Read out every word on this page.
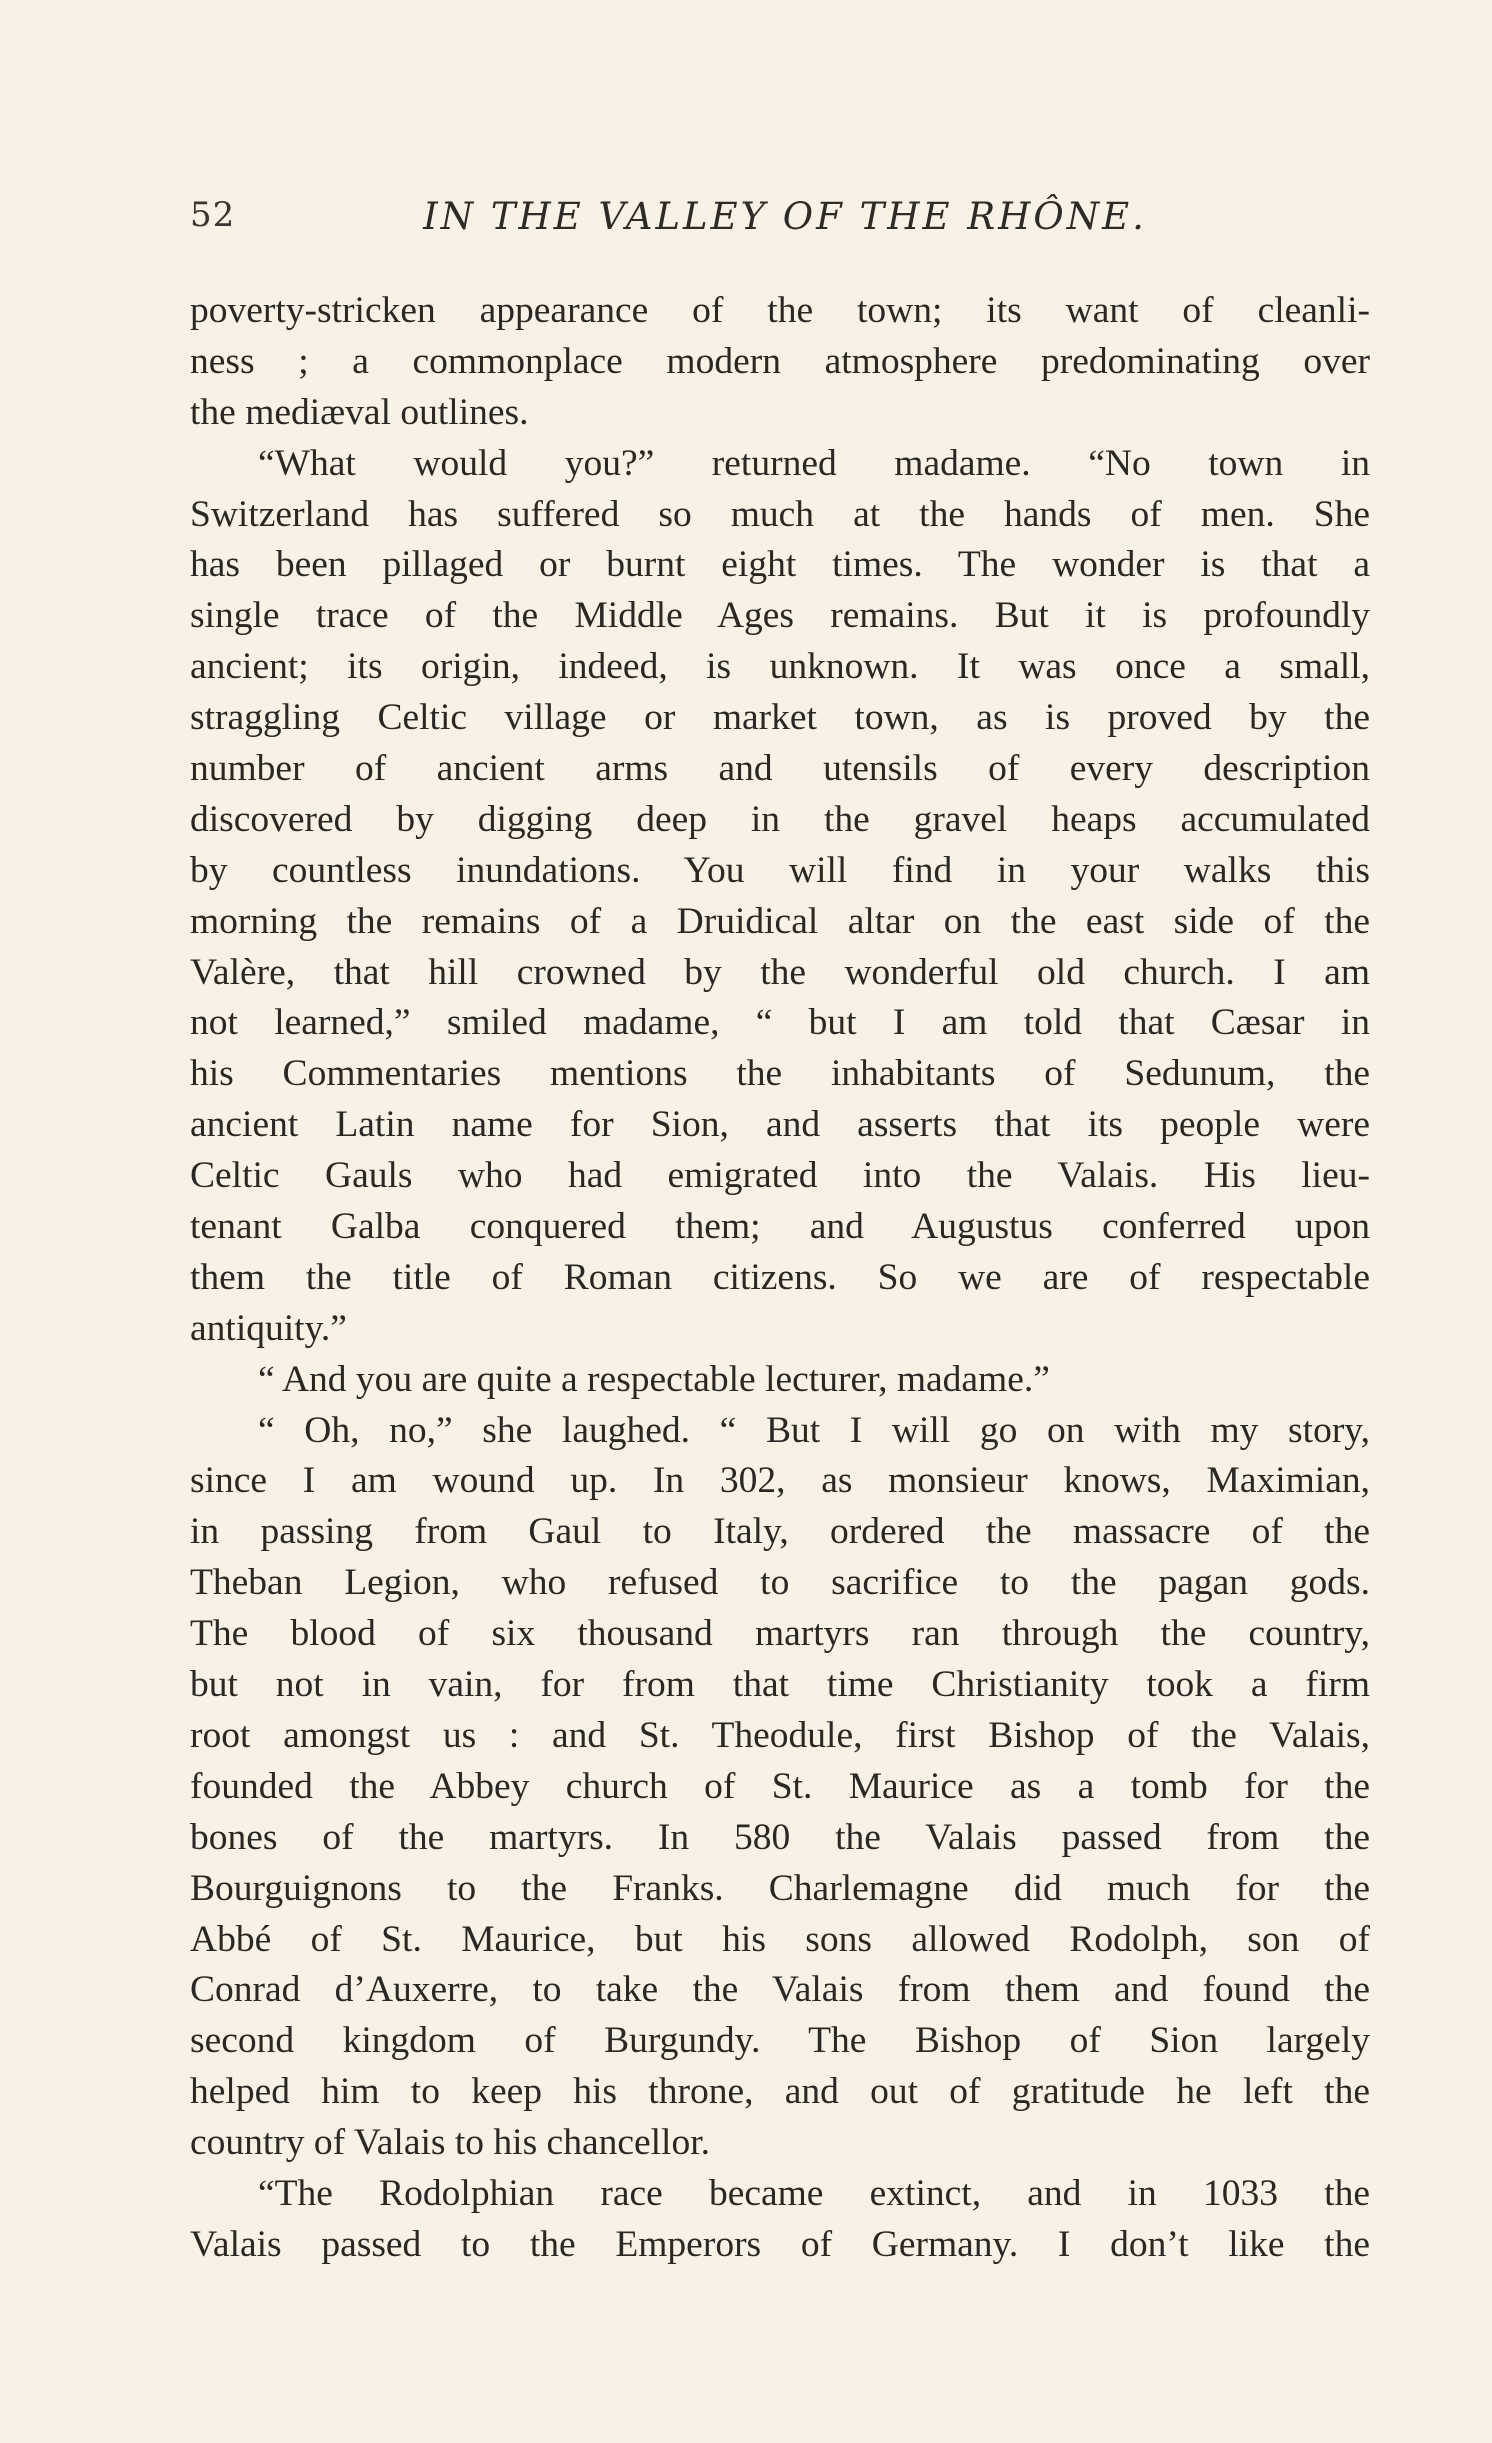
52	IN THE VALLEY OF THE RHÔNE.
poverty-stricken appearance of the town; its want of cleanli-
ness ; a commonplace modern atmosphere predominating over
the mediæval outlines.
“What would you?” returned madame. “No town in
Switzerland has suffered so much at the hands of men. She
has been pillaged or burnt eight times. The wonder is that a
single trace of the Middle Ages remains. But it is profoundly
ancient; its origin, indeed, is unknown. It was once a small,
straggling Celtic village or market town, as is proved by the
number of ancient arms and utensils of every description
discovered by digging deep in the gravel heaps accumulated
by countless inundations. You will find in your walks this
morning the remains of a Druidical altar on the east side of the
Valère, that hill crowned by the wonderful old church. I am
not learned,” smiled madame, “ but I am told that Cæsar in
his Commentaries mentions the inhabitants of Sedunum, the
ancient Latin name for Sion, and asserts that its people were
Celtic Gauls who had emigrated into the Valais. His lieu-
tenant Galba conquered them; and Augustus conferred upon
them the title of Roman citizens. So we are of respectable
antiquity.”
“ And you are quite a respectable lecturer, madame.”
“ Oh, no,” she laughed. “ But I will go on with my story,
since I am wound up. In 302, as monsieur knows, Maximian,
in passing from Gaul to Italy, ordered the massacre of the
Theban Legion, who refused to sacrifice to the pagan gods.
The blood of six thousand martyrs ran through the country,
but not in vain, for from that time Christianity took a firm
root amongst us : and St. Theodule, first Bishop of the Valais,
founded the Abbey church of St. Maurice as a tomb for the
bones of the martyrs. In 580 the Valais passed from the
Bourguignons to the Franks. Charlemagne did much for the
Abbé of St. Maurice, but his sons allowed Rodolph, son of
Conrad d’Auxerre, to take the Valais from them and found the
second kingdom of Burgundy. The Bishop of Sion largely
helped him to keep his throne, and out of gratitude he left the
country of Valais to his chancellor.
“The Rodolphian race became extinct, and in 1033 the
Valais passed to the Emperors of Germany. I don’t like the
